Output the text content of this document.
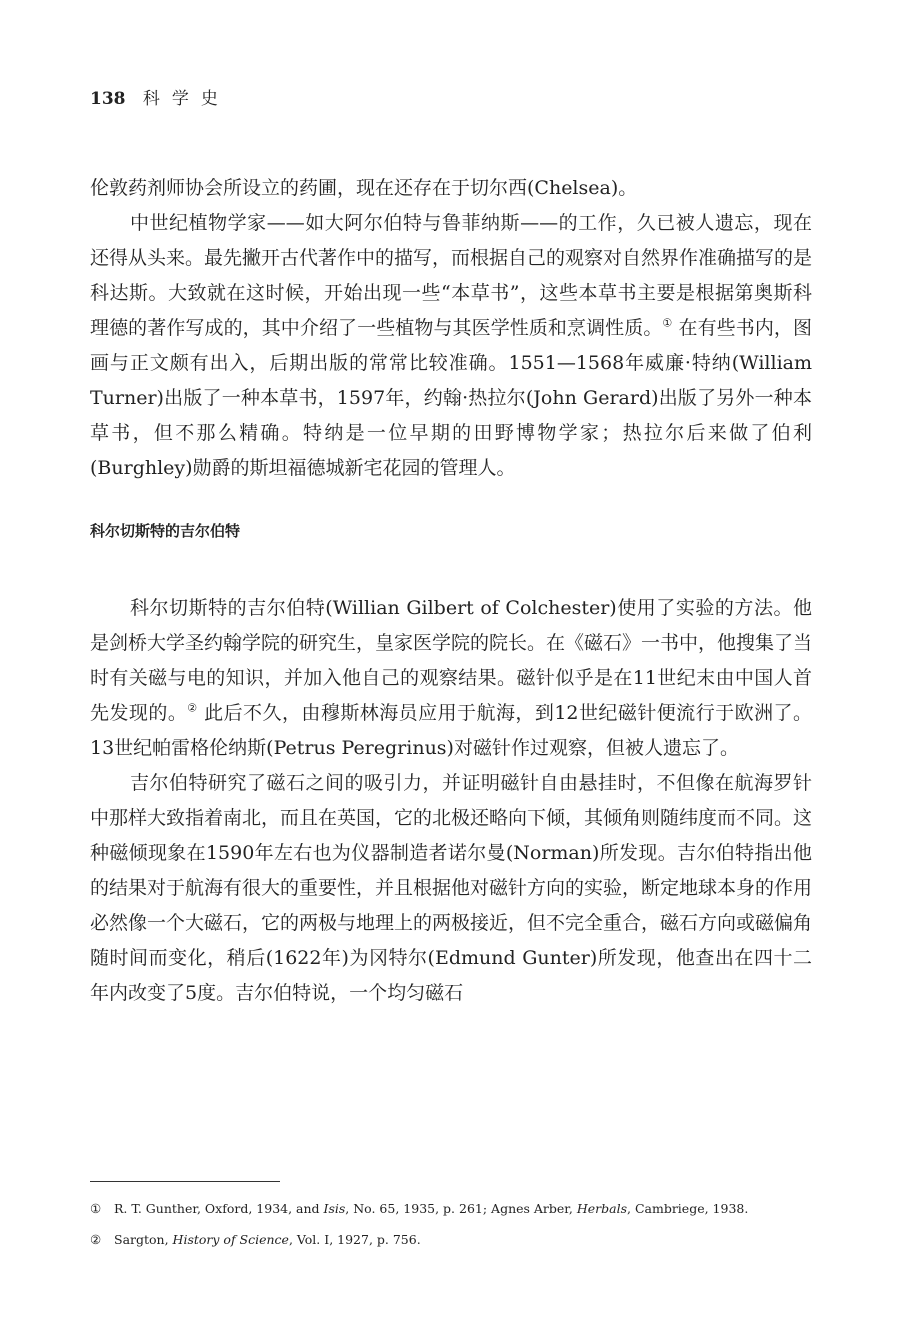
138 科学史

伦敦药剂师协会所设立的药圃，现在还存在于切尔西(Chelsea)。

中世纪植物学家——如大阿尔伯特与鲁菲纳斯——的工作，久已被人遗忘，现在还得从头来。最先撇开古代著作中的描写，而根据自己的观察对自然界作准确描写的是科达斯。大致就在这时候，开始出现一些“本草书”，这些本草书主要是根据第奥斯科理德的著作写成的，其中介绍了一些植物与其医学性质和烹调性质。① 在有些书内，图画与正文颇有出入，后期出版的常常比较准确。1551—1568年威廉·特纳(William Turner)出版了一种本草书，1597年，约翰·热拉尔(John Gerard)出版了另外一种本草书，但不那么精确。特纳是一位早期的田野博物学家；热拉尔后来做了伯利(Burghley)勋爵的斯坦福德城新宅花园的管理人。

科尔切斯特的吉尔伯特

科尔切斯特的吉尔伯特(Willian Gilbert of Colchester)使用了实验的方法。他是剑桥大学圣约翰学院的研究生，皇家医学院的院长。在《磁石》一书中，他搜集了当时有关磁与电的知识，并加入他自己的观察结果。磁针似乎是在11世纪末由中国人首先发现的。② 此后不久，由穆斯林海员应用于航海，到12世纪磁针便流行于欧洲了。13世纪帕雷格伦纳斯(Petrus Peregrinus)对磁针作过观察，但被人遗忘了。

吉尔伯特研究了磁石之间的吸引力，并证明磁针自由悬挂时，不但像在航海罗针中那样大致指着南北，而且在英国，它的北极还略向下倾，其倾角则随纬度而不同。这种磁倾现象在1590年左右也为仪器制造者诺尔曼(Norman)所发现。吉尔伯特指出他的结果对于航海有很大的重要性，并且根据他对磁针方向的实验，断定地球本身的作用必然像一个大磁石，它的两极与地理上的两极接近，但不完全重合，磁石方向或磁偏角随时间而变化，稍后(1622年)为冈特尔(Edmund Gunter)所发现，他查出在四十二年内改变了5度。吉尔伯特说，一个均匀磁石

① R. T. Gunther, Oxford, 1934, and Isis, No. 65, 1935, p. 261; Agnes Arber, Herbals, Cambriege, 1938.

② Sargton, History of Science, Vol. Ⅰ, 1927, p. 756.
